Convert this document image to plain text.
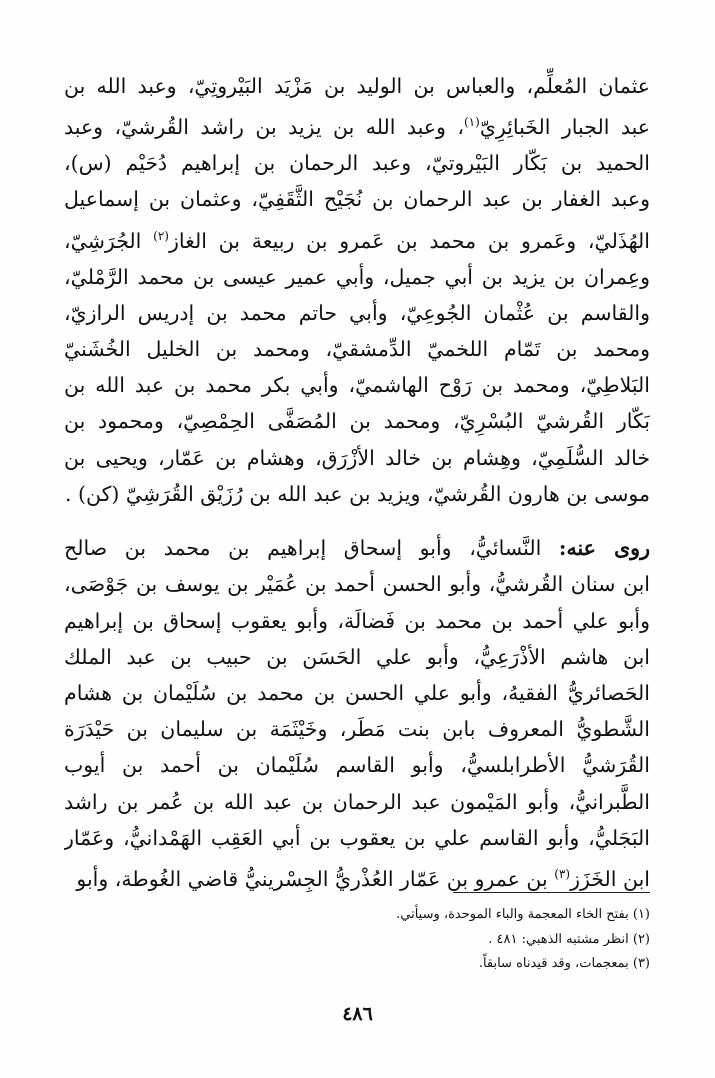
عثمان المُعلِّم، والعباس بن الوليد بن مَزْيَد البَيْروتِيّ، وعبد الله بن
عبد الجبار الخَبائِرِيّ$^{(١)}$، وعبد الله بن يزيد بن راشد القُرشيّ، وعبد
الحميد بن بَكّار البَيْروتيّ، وعبد الرحمان بن إبراهيم دُحَيْم (س)،
وعبد الغفار بن عبد الرحمان بن نُجَيْح الثَّقَفِيّ، وعثمان بن إسماعيل
الهُذَليّ، وعَمرو بن محمد بن عَمرو بن ربيعة بن الغاز$^{(٢)}$ الجُرَشِيّ،
وعِمران بن يزيد بن أبي جميل، وأبي عمير عيسى بن محمد الرَّمْليّ،
والقاسم بن عُثْمان الجُوعِيّ، وأبي حاتم محمد بن إدريس الرازيّ،
ومحمد بن تَمّام اللخميّ الدِّمشقيّ، ومحمد بن الخليل الخُشَنيّ
البَلاطِيّ، ومحمد بن رَوْح الهاشميّ، وأبي بكر محمد بن عبد الله بن
بَكّار القُرشيّ البُسْرِيّ، ومحمد بن المُصَفَّى الحِمْصِيّ، ومحمود بن
خالد السُّلَمِيّ، وهِشام بن خالد الأزْرَق، وهشام بن عَمّار، ويحيى بن
موسى بن هارون القُرشيّ، ويزيد بن عبد الله بن رُزَيْق القُرَشِيّ (كن) .
روى عنه: النَّسائيُّ، وأبو إسحاق إبراهيم بن محمد بن صالح
ابن سنان القُرشيُّ، وأبو الحسن أحمد بن عُمَيْر بن يوسف بن جَوْصَى،
وأبو علي أحمد بن محمد بن فَضالَة، وأبو يعقوب إسحاق بن إبراهيم
ابن هاشم الأذْرَعِيُّ، وأبو علي الحَسَن بن حبيب بن عبد الملك
الحَصائريُّ الفقيهُ، وأبو علي الحسن بن محمد بن سُلَيْمان بن هشام
الشَّطويُّ المعروف بابن بنت مَطَر، وخَيْثَمَة بن سليمان بن حَيْدَرَة
القُرَشيُّ الأطرابلسيُّ، وأبو القاسم سُلَيْمان بن أحمد بن أيوب
الطَّبرانيُّ، وأبو المَيْمون عبد الرحمان بن عبد الله بن عُمر بن راشد
البَجَليُّ، وأبو القاسم علي بن يعقوب بن أبي العَقِب الهَمْدانيُّ، وعَمّار
ابن الخَزَز$^{(٣)}$ بن عمرو بن عَمّار العُذْريُّ الجِسْرينيُّ قاضي الغُوطة، وأبو
(١) بفتح الخاء المعجمة والباء الموحدة، وسيأتي.
(٢) انظر مشتبه الذهبي: ٤٨١ .
(٣) بمعجمات، وقد قيدناه سابقاً.
٤٨٦
